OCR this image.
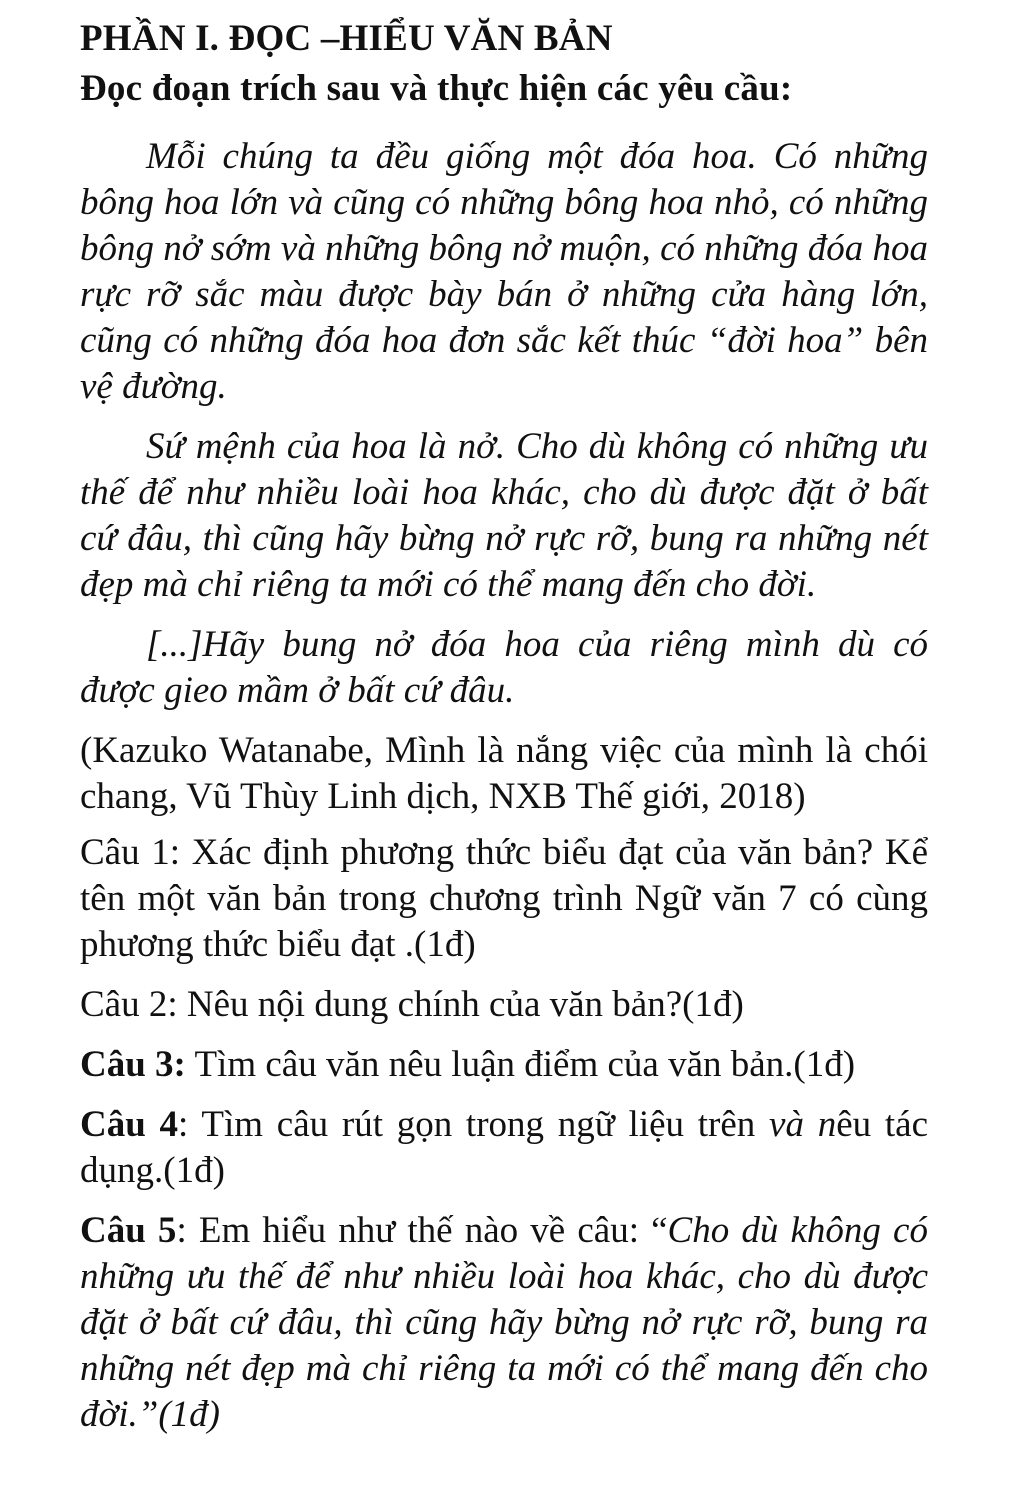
PHẦN I. ĐỌC –HIỂU VĂN BẢN

Đọc đoạn trích sau và thực hiện các yêu cầu:

Mỗi chúng ta đều giống một đóa hoa. Có những bông hoa lớn và cũng có những bông hoa nhỏ, có những bông nở sớm và những bông nở muộn, có những đóa hoa rực rỡ sắc màu được bày bán ở những cửa hàng lớn, cũng có những đóa hoa đơn sắc kết thúc “đời hoa” bên vệ đường.

Sứ mệnh của hoa là nở. Cho dù không có những ưu thế để như nhiều loài hoa khác, cho dù được đặt ở bất cứ đâu, thì cũng hãy bừng nở rực rỡ, bung ra những nét đẹp mà chỉ riêng ta mới có thể mang đến cho đời.

[...]Hãy bung nở đóa hoa của riêng mình dù có được gieo mầm ở bất cứ đâu.

(Kazuko Watanabe, Mình là nắng việc của mình là chói chang, Vũ Thùy Linh dịch, NXB Thế giới, 2018)

Câu 1: Xác định phương thức biểu đạt của văn bản? Kể tên một văn bản trong chương trình Ngữ văn 7 có cùng phương thức biểu đạt .(1đ)

Câu 2: Nêu nội dung chính của văn bản?(1đ)

Câu 3: Tìm câu văn nêu luận điểm của văn bản.(1đ)

Câu 4: Tìm câu rút gọn trong ngữ liệu trên và nêu tác dụng.(1đ)

Câu 5: Em hiểu như thế nào về câu: “Cho dù không có những ưu thế để như nhiều loài hoa khác, cho dù được đặt ở bất cứ đâu, thì cũng hãy bừng nở rực rỡ, bung ra những nét đẹp mà chỉ riêng ta mới có thể mang đến cho đời.”(1đ)
